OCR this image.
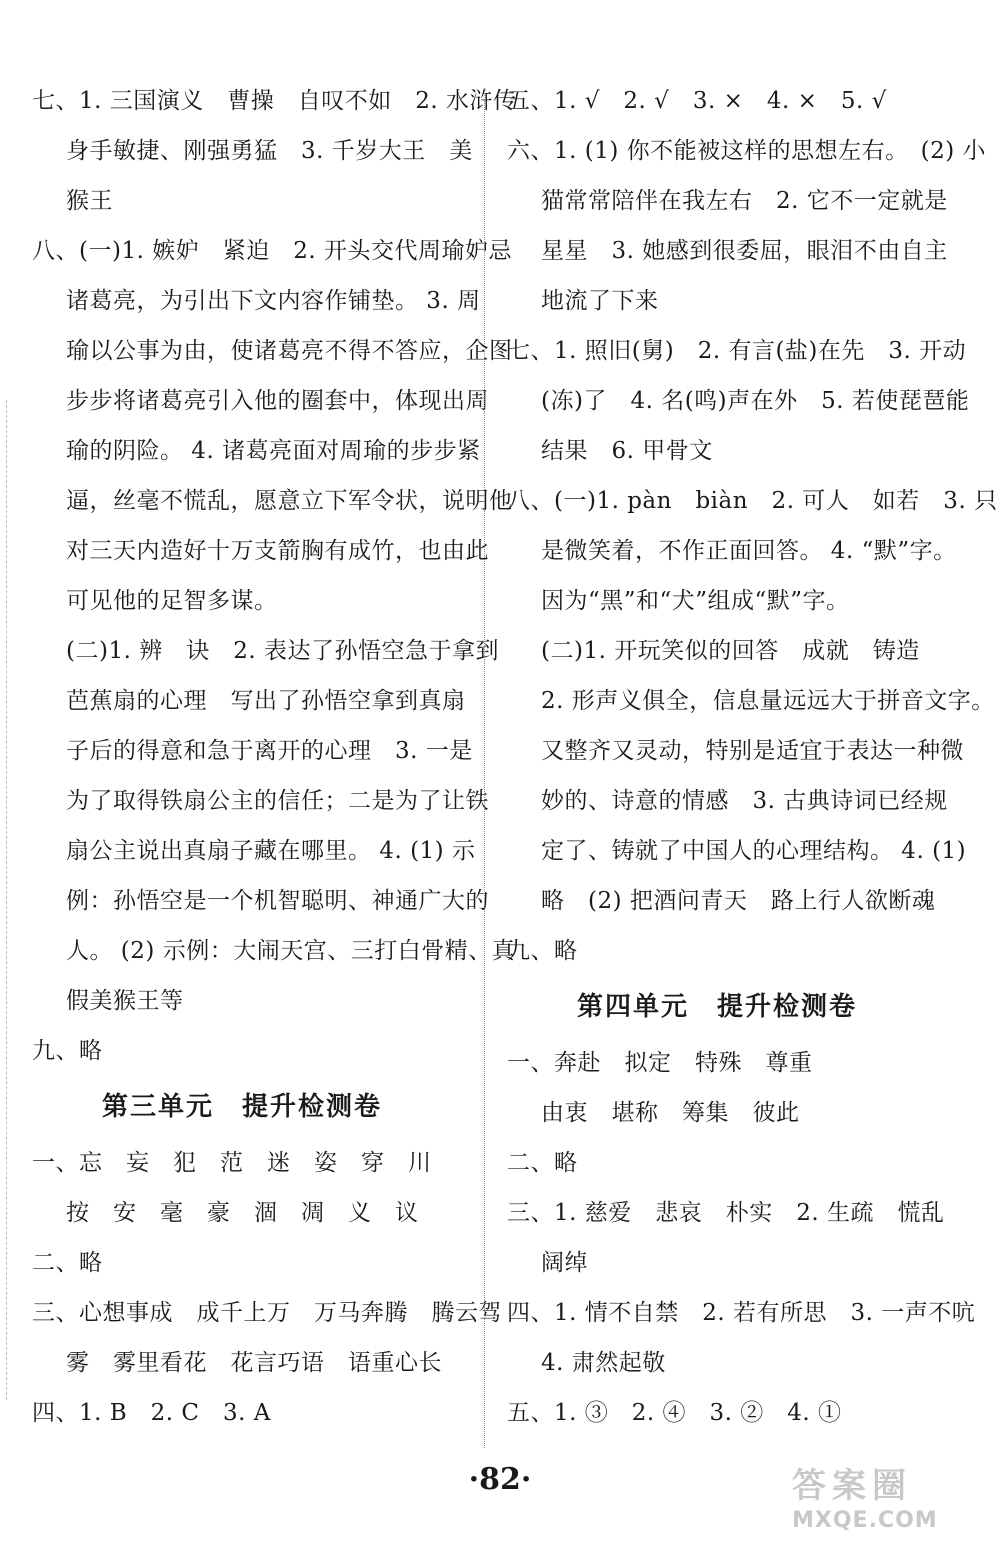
七、1. 三国演义　曹操　自叹不如　2. 水浒传
身手敏捷、刚强勇猛　3. 千岁大王　美
猴王
八、(一)1. 嫉妒　紧迫　2. 开头交代周瑜妒忌
诸葛亮，为引出下文内容作铺垫。 3. 周
瑜以公事为由，使诸葛亮不得不答应，企图
步步将诸葛亮引入他的圈套中，体现出周
瑜的阴险。 4. 诸葛亮面对周瑜的步步紧
逼，丝毫不慌乱，愿意立下军令状，说明他
对三天内造好十万支箭胸有成竹，也由此
可见他的足智多谋。
(二)1. 辨　诀　2. 表达了孙悟空急于拿到
芭蕉扇的心理　写出了孙悟空拿到真扇
子后的得意和急于离开的心理　3. 一是
为了取得铁扇公主的信任；二是为了让铁
扇公主说出真扇子藏在哪里。 4. (1) 示
例：孙悟空是一个机智聪明、神通广大的
人。 (2) 示例：大闹天宫、三打白骨精、真
假美猴王等
九、略
第三单元　提升检测卷
一、忘　妄　犯　范　迷　姿　穿　川
按　安　毫　豪　涸　凋　义　议
二、略
三、心想事成　成千上万　万马奔腾　腾云驾
雾　雾里看花　花言巧语　语重心长
四、1. B　2. C　3. A
五、1. √　2. √　3. ×　4. ×　5. √
六、1. (1) 你不能被这样的思想左右。　(2) 小
猫常常陪伴在我左右　2. 它不一定就是
星星　3. 她感到很委屈，眼泪不由自主
地流了下来
七、1. 照旧(舅)　2. 有言(盐)在先　3. 开动
(冻)了　4. 名(鸣)声在外　5. 若使琵琶能
结果　6. 甲骨文
八、(一)1. pàn　biàn　2. 可人　如若　3. 只
是微笑着，不作正面回答。 4. “默”字。
因为“黑”和“犬”组成“默”字。
(二)1. 开玩笑似的回答　成就　铸造
2. 形声义俱全，信息量远远大于拼音文字。
又整齐又灵动，特别是适宜于表达一种微
妙的、诗意的情感　3. 古典诗词已经规
定了、铸就了中国人的心理结构。 4. (1)
略　(2) 把酒问青天　路上行人欲断魂
九、略
第四单元　提升检测卷
一、奔赴　拟定　特殊　尊重
由衷　堪称　筹集　彼此
二、略
三、1. 慈爱　悲哀　朴实　2. 生疏　慌乱
阔绰
四、1. 情不自禁　2. 若有所思　3. 一声不吭
4. 肃然起敬
五、1. ③　2. ④　3. ②　4. ①
·82·	答案圈
MXQE.COM
